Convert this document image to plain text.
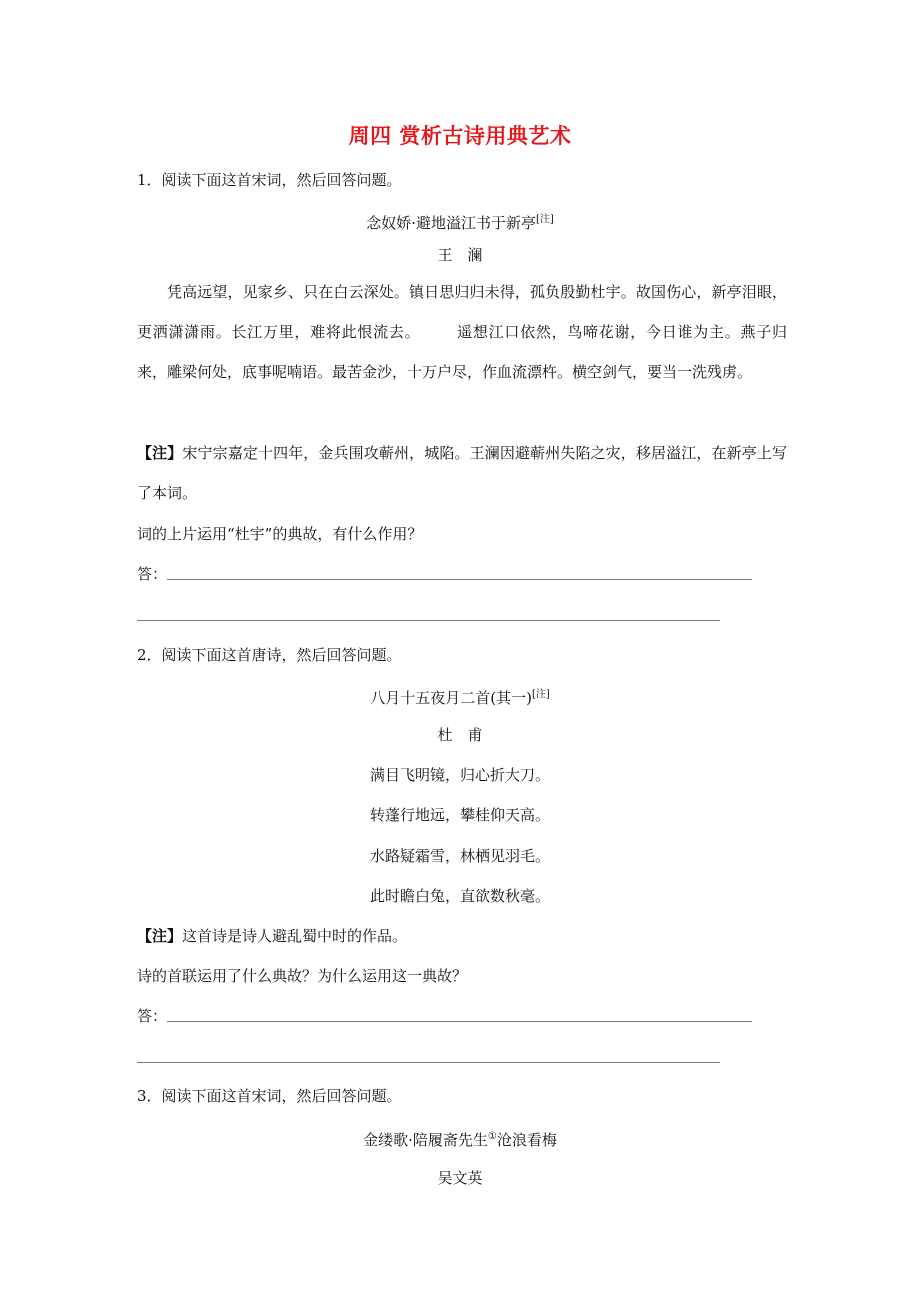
周四 赏析古诗用典艺术
1．阅读下面这首宋词，然后回答问题。
念奴娇·避地溢江书于新亭[注]
王　澜
凭高远望，见家乡、只在白云深处。镇日思归归未得，孤负殷勤杜宇。故国伤心，新亭泪眼，更洒潇潇雨。长江万里，难将此恨流去。 遥想江口依然，鸟啼花谢，今日谁为主。燕子归来，雕梁何处，底事呢喃语。最苦金沙，十万户尽，作血流漂杵。横空剑气，要当一洗残虏。
【注】宋宁宗嘉定十四年，金兵围攻蕲州，城陷。王澜因避蕲州失陷之灾，移居溢江，在新亭上写了本词。
词的上片运用“杜宇”的典故，有什么作用？
答：
2．阅读下面这首唐诗，然后回答问题。
八月十五夜月二首(其一)[注]
杜　甫
满目飞明镜，归心折大刀。
转蓬行地远，攀桂仰天高。
水路疑霜雪，林栖见羽毛。
此时瞻白兔，直欲数秋毫。
【注】这首诗是诗人避乱蜀中时的作品。
诗的首联运用了什么典故？为什么运用这一典故？
答：
3．阅读下面这首宋词，然后回答问题。
金缕歌·陪履斋先生①沧浪看梅
吴文英
